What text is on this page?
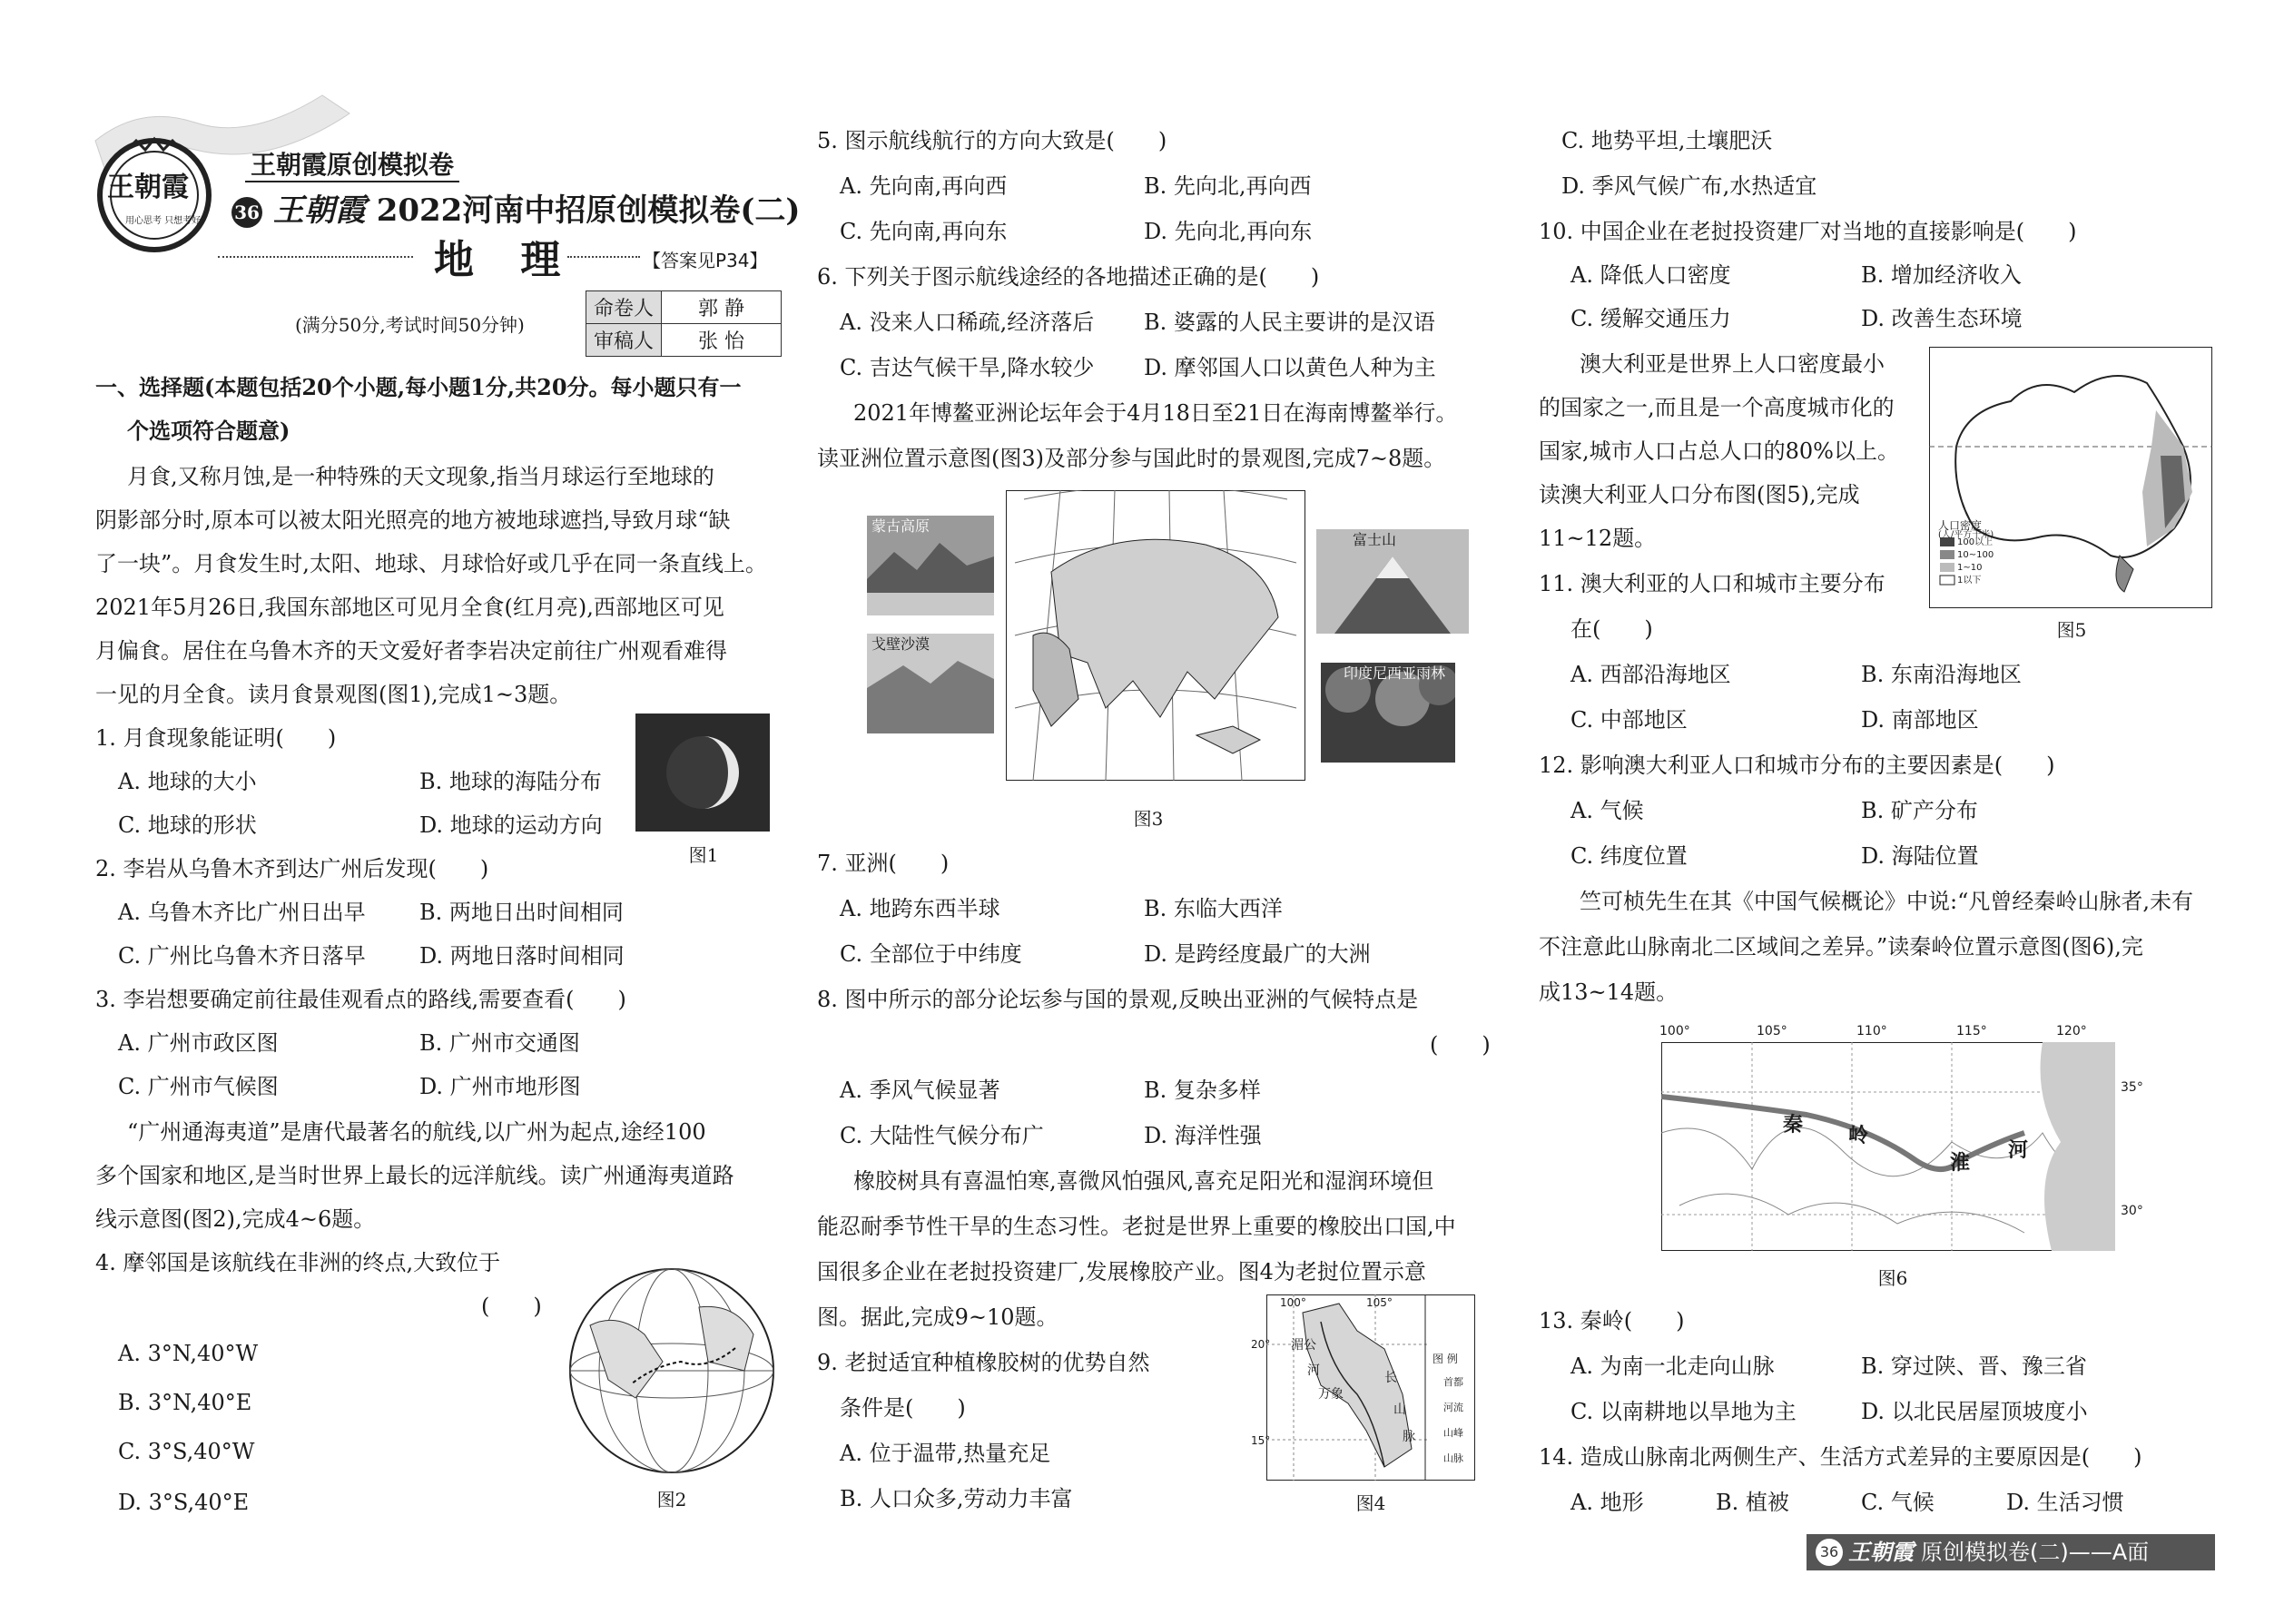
王朝霞
用心思考 只想考好
王朝霞原创模拟卷
36 王朝霞 2022河南中招原创模拟卷(二)
地 理	【答案见P34】
(满分50分,考试时间50分钟)
命卷人	郭 静
审稿人	张 怡
一、选择题(本题包括20个小题,每小题1分,共20分。每小题只有一
个选项符合题意)
月食,又称月蚀,是一种特殊的天文现象,指当月球运行至地球的
阴影部分时,原本可以被太阳光照亮的地方被地球遮挡,导致月球“缺
了一块”。月食发生时,太阳、地球、月球恰好或几乎在同一条直线上。
2021年5月26日,我国东部地区可见月全食(红月亮),西部地区可见
月偏食。居住在乌鲁木齐的天文爱好者李岩决定前往广州观看难得
一见的月全食。读月食景观图(图1),完成1~3题。
1. 月食现象能证明(　　)
A. 地球的大小	B. 地球的海陆分布
C. 地球的形状	D. 地球的运动方向
图1
2. 李岩从乌鲁木齐到达广州后发现(　　)
A. 乌鲁木齐比广州日出早 B. 两地日出时间相同
C. 广州比乌鲁木齐日落早 D. 两地日落时间相同
3. 李岩想要确定前往最佳观看点的路线,需要查看(　　)
A. 广州市政区图	B. 广州市交通图
C. 广州市气候图	D. 广州市地形图
“广州通海夷道”是唐代最著名的航线,以广州为起点,途经100
多个国家和地区,是当时世界上最长的远洋航线。读广州通海夷道路
线示意图(图2),完成4~6题。
4. 摩邻国是该航线在非洲的终点,大致位于
(　　)
A. 3°N,40°W
B. 3°N,40°E
C. 3°S,40°W
D. 3°S,40°E	图2
5. 图示航线航行的方向大致是(　　)
A. 先向南,再向西	B. 先向北,再向西
C. 先向南,再向东	D. 先向北,再向东
6. 下列关于图示航线途经的各地描述正确的是(　　)
A. 没来人口稀疏,经济落后 B. 婆露的人民主要讲的是汉语
C. 吉达气候干旱,降水较少 D. 摩邻国人口以黄色人种为主
2021年博鳌亚洲论坛年会于4月18日至21日在海南博鳌举行。
读亚洲位置示意图(图3)及部分参与国此时的景观图,完成7~8题。
蒙古高原
戈壁沙漠
富士山
印度尼西亚雨林
图3
7. 亚洲(　　)
A. 地跨东西半球	B. 东临大西洋
C. 全部位于中纬度	D. 是跨经度最广的大洲
8. 图中所示的部分论坛参与国的景观,反映出亚洲的气候特点是
(　　)
A. 季风气候显著	B. 复杂多样
C. 大陆性气候分布广	D. 海洋性强
橡胶树具有喜温怕寒,喜微风怕强风,喜充足阳光和湿润环境但
能忍耐季节性干旱的生态习性。老挝是世界上重要的橡胶出口国,中
国很多企业在老挝投资建厂,发展橡胶产业。图4为老挝位置示意
图。据此,完成9~10题。
9. 老挝适宜种植橡胶树的优势自然
条件是(　　)
A. 位于温带,热量充足
B. 人口众多,劳动力丰富
100°	105°
20°
15°
湄公
河
万象
长
山
脉
图 例
首都
河流
山峰
山脉
图4
C. 地势平坦,土壤肥沃
D. 季风气候广布,水热适宜
10. 中国企业在老挝投资建厂对当地的直接影响是(　　)
A. 降低人口密度	B. 增加经济收入
C. 缓解交通压力	D. 改善生态环境
澳大利亚是世界上人口密度最小
的国家之一,而且是一个高度城市化的
国家,城市人口占总人口的80%以上。
读澳大利亚人口分布图(图5),完成
11~12题。	人口密度
(人/平方千米)
100以上
10~100
1~10
1以下
图5
11. 澳大利亚的人口和城市主要分布
在(　　)
A. 西部沿海地区	B. 东南沿海地区
C. 中部地区	D. 南部地区
12. 影响澳大利亚人口和城市分布的主要因素是(　　)
A. 气候	B. 矿产分布
C. 纬度位置	D. 海陆位置
竺可桢先生在其《中国气候概论》中说:“凡曾经秦岭山脉者,未有
不注意此山脉南北二区域间之差异。”读秦岭位置示意图(图6),完
成13~14题。
100°	105°	110°	115°	120°
35°
30°
秦 岭
淮
河
图6
13. 秦岭(　　)
A. 为南一北走向山脉	B. 穿过陕、晋、豫三省
C. 以南耕地以旱地为主	D. 以北民居屋顶坡度小
14. 造成山脉南北两侧生产、生活方式差异的主要原因是(　　)
A. 地形	B. 植被	C. 气候	D. 生活习惯
36 王朝霞 原创模拟卷(二)——A面
